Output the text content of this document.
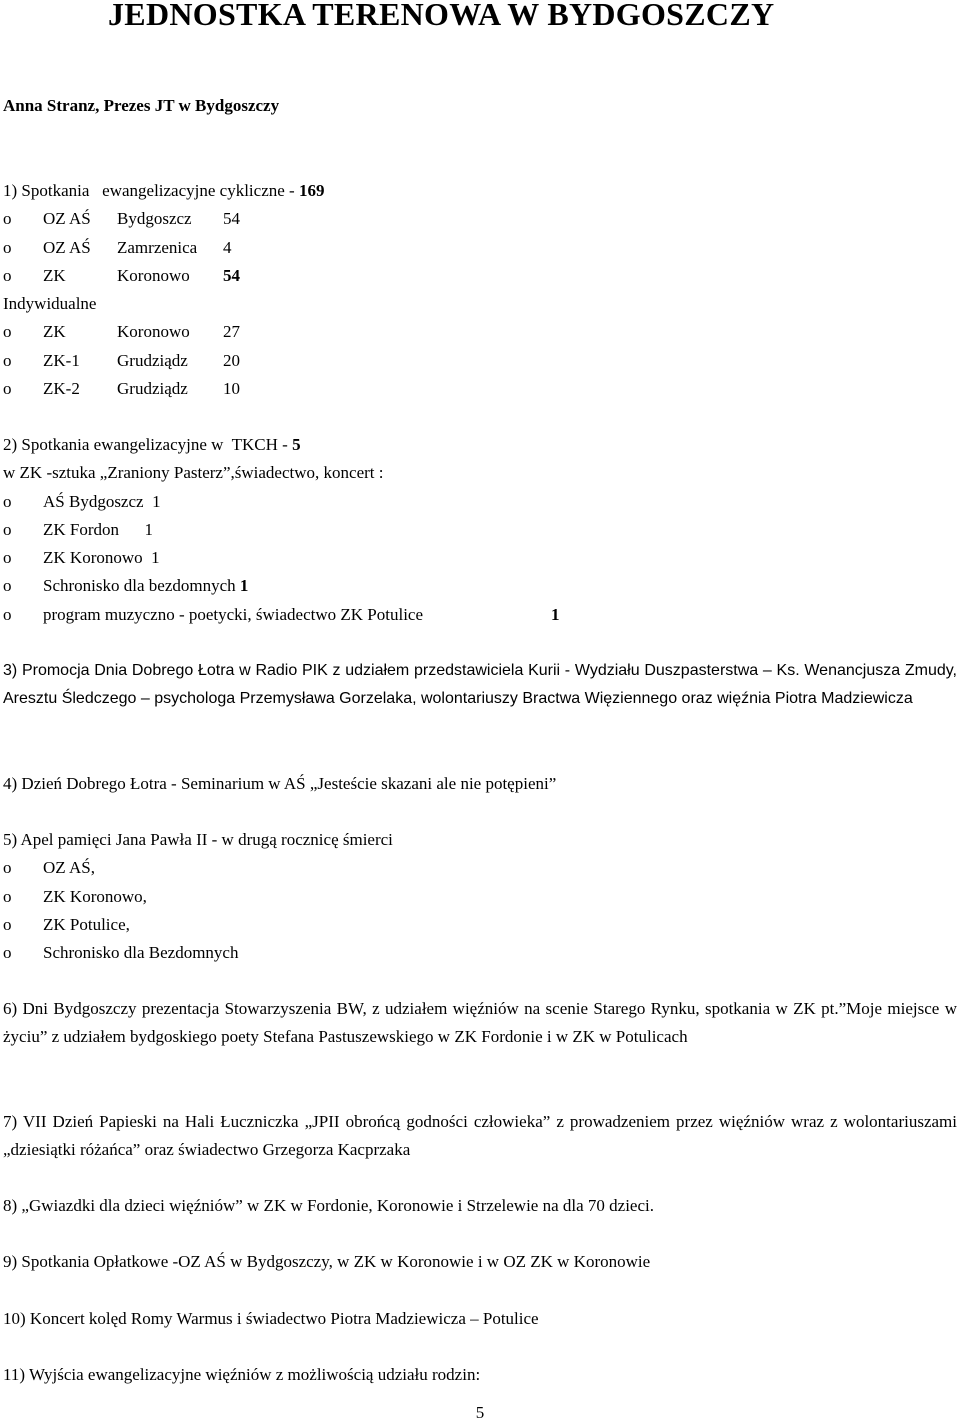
JEDNOSTKA TERENOWA W BYDGOSZCZY

Anna Stranz, Prezes JT w Bydgoszczy

1) Spotkania   ewangelizacyjne cykliczne - 169
o OZ AŚ Bydgoszcz 54
o OZ AŚ Zamrzenica 4
o ZK	Koronowo 54
Indywidualne
o ZK	Koronowo 27
o ZK-1 Grudziądz 20
o ZK-2 Grudziądz 10
2) Spotkania ewangelizacyjne w  TKCH - 5
w ZK -sztuka „Zraniony Pasterz”,świadectwo, koncert :
o AŚ Bydgoszcz  1
o ZK Fordon      1
o ZK Koronowo  1
o Schronisko dla bezdomnych 1
o program muzyczno - poetycki, świadectwo ZK Potulice	1
3) Promocja Dnia Dobrego Łotra w Radio PIK z udziałem przedstawiciela Kurii - Wydziału Duszpasterstwa – Ks. Wenancjusza Zmudy, Aresztu Śledczego – psychologa Przemysława Gorzelaka, wolontariuszy Bractwa Więziennego oraz więźnia Piotra Madziewicza
4) Dzień Dobrego Łotra - Seminarium w AŚ „Jesteście skazani ale nie potępieni”
5) Apel pamięci Jana Pawła II - w drugą rocznicę śmierci
o OZ AŚ,
o ZK Koronowo,
o ZK Potulice,
o Schronisko dla Bezdomnych
6) Dni Bydgoszczy prezentacja Stowarzyszenia BW, z udziałem więźniów na scenie Starego Rynku, spotkania w ZK pt.”Moje miejsce w życiu” z udziałem bydgoskiego poety Stefana Pastuszewskiego w ZK Fordonie i w ZK w Potulicach
7) VII Dzień Papieski na Hali Łuczniczka „JPII obrońcą godności człowieka” z prowadzeniem przez więźniów wraz z wolontariuszami „dziesiątki różańca” oraz świadectwo Grzegorza Kacprzaka
8) „Gwiazdki dla dzieci więźniów” w ZK w Fordonie, Koronowie i Strzelewie na dla 70 dzieci.
9) Spotkania Opłatkowe -OZ AŚ w Bydgoszczy, w ZK w Koronowie i w OZ ZK w Koronowie
10) Koncert kolęd Romy Warmus i świadectwo Piotra Madziewicza – Potulice
11) Wyjścia ewangelizacyjne więźniów z możliwością udziału rodzin:
5
